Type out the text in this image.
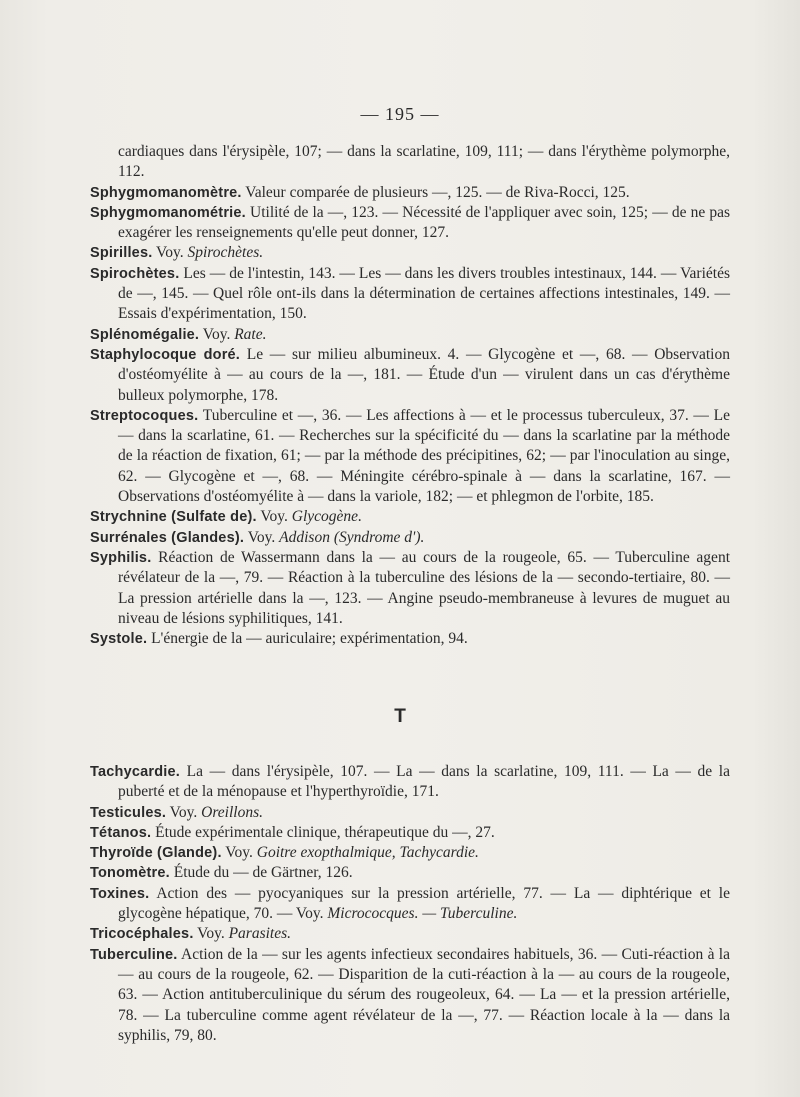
— 195 —

cardiaques dans l'érysipèle, 107; — dans la scarlatine, 109, 111; — dans l'érythème polymorphe, 112.

Sphygmomanomètre. Valeur comparée de plusieurs —, 125. — de Riva-Rocci, 125.

Sphygmomanométrie. Utilité de la —, 123. — Nécessité de l'appliquer avec soin, 125; — de ne pas exagérer les renseignements qu'elle peut donner, 127.

Spirilles. Voy. Spirochètes.

Spirochètes. Les — de l'intestin, 143. — Les — dans les divers troubles intestinaux, 144. — Variétés de —, 145. — Quel rôle ont-ils dans la détermination de certaines affections intestinales, 149. — Essais d'expérimentation, 150.

Splénomégalie. Voy. Rate.

Staphylocoque doré. Le — sur milieu albumineux. 4. — Glycogène et —, 68. — Observation d'ostéomyélite à — au cours de la —, 181. — Étude d'un — virulent dans un cas d'érythème bulleux polymorphe, 178.

Streptocoques. Tuberculine et —, 36. — Les affections à — et le processus tuberculeux, 37. — Le — dans la scarlatine, 61. — Recherches sur la spécificité du — dans la scarlatine par la méthode de la réaction de fixation, 61; — par la méthode des précipitines, 62; — par l'inoculation au singe, 62. — Glycogène et —, 68. — Méningite cérébro-spinale à — dans la scarlatine, 167. — Observations d'ostéomyélite à — dans la variole, 182; — et phlegmon de l'orbite, 185.

Strychnine (Sulfate de). Voy. Glycogène.

Surrénales (Glandes). Voy. Addison (Syndrome d').

Syphilis. Réaction de Wassermann dans la — au cours de la rougeole, 65. — Tuberculine agent révélateur de la —, 79. — Réaction à la tuberculine des lésions de la — secondo-tertiaire, 80. — La pression artérielle dans la —, 123. — Angine pseudo-membraneuse à levures de muguet au niveau de lésions syphilitiques, 141.

Systole. L'énergie de la — auriculaire; expérimentation, 94.

T

Tachycardie. La — dans l'érysipèle, 107. — La — dans la scarlatine, 109, 111. — La — de la puberté et de la ménopause et l'hyperthyroïdie, 171.

Testicules. Voy. Oreillons.

Tétanos. Étude expérimentale clinique, thérapeutique du —, 27.

Thyroïde (Glande). Voy. Goitre exopthalmique, Tachycardie.

Tonomètre. Étude du — de Gärtner, 126.

Toxines. Action des — pyocyaniques sur la pression artérielle, 77. — La — diphtérique et le glycogène hépatique, 70. — Voy. Micrococques. — Tuberculine.

Tricocéphales. Voy. Parasites.

Tuberculine. Action de la — sur les agents infectieux secondaires habituels, 36. — Cuti-réaction à la — au cours de la rougeole, 62. — Disparition de la cuti-réaction à la — au cours de la rougeole, 63. — Action antituberculinique du sérum des rougeoleux, 64. — La — et la pression artérielle, 78. — La tuberculine comme agent révélateur de la —, 77. — Réaction locale à la — dans la syphilis, 79, 80.
